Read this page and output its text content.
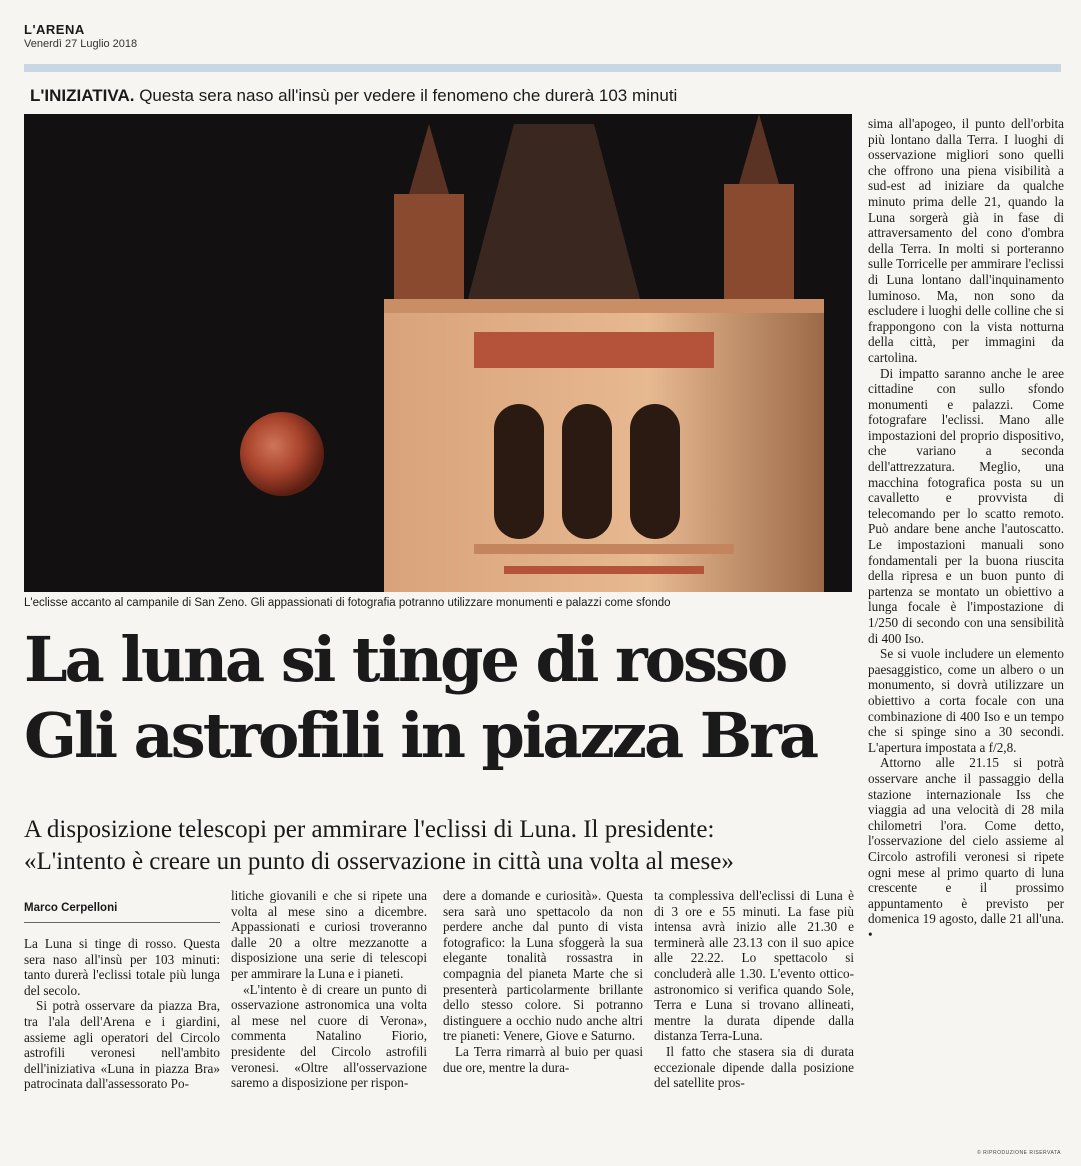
L'ARENA
Venerdì 27 Luglio 2018
L'INIZIATIVA. Questa sera naso all'insù per vedere il fenomeno che durerà 103 minuti
L'eclisse accanto al campanile di San Zeno. Gli appassionati di fotografia potranno utilizzare monumenti e palazzi come sfondo
La luna si tinge di rosso
Gli astrofili in piazza Bra
A disposizione telescopi per ammirare l'eclissi di Luna. Il presidente:
«L'intento è creare un punto di osservazione in città una volta al mese»
Marco Cerpelloni

La Luna si tinge di rosso. Questa sera naso all'insù per 103 minuti: tanto durerà l'eclissi totale più lunga del secolo.

Si potrà osservare da piazza Bra, tra l'ala dell'Arena e i giardini, assieme agli operatori del Circolo astrofili veronesi nell'ambito dell'iniziativa «Luna in piazza Bra» patrocinata dall'assessorato Po-

litiche giovanili e che si ripete una volta al mese sino a dicembre. Appassionati e curiosi troveranno dalle 20 a oltre mezzanotte a disposizione una serie di telescopi per ammirare la Luna e i pianeti.

«L'intento è di creare un punto di osservazione astronomica una volta al mese nel cuore di Verona», commenta Natalino Fiorio, presidente del Circolo astrofili veronesi. «Oltre all'osservazione saremo a disposizione per rispon-

dere a domande e curiosità». Questa sera sarà uno spettacolo da non perdere anche dal punto di vista fotografico: la Luna sfoggerà la sua elegante tonalità rossastra in compagnia del pianeta Marte che si presenterà particolarmente brillante dello stesso colore. Si potranno distinguere a occhio nudo anche altri tre pianeti: Venere, Giove e Saturno.

La Terra rimarrà al buio per quasi due ore, mentre la dura-

ta complessiva dell'eclissi di Luna è di 3 ore e 55 minuti. La fase più intensa avrà inizio alle 21.30 e terminerà alle 23.13 con il suo apice alle 22.22. Lo spettacolo si concluderà alle 1.30. L'evento ottico-astronomico si verifica quando Sole, Terra e Luna si trovano allineati, mentre la durata dipende dalla distanza Terra-Luna.

Il fatto che stasera sia di durata eccezionale dipende dalla posizione del satellite pros-

sima all'apogeo, il punto dell'orbita più lontano dalla Terra. I luoghi di osservazione migliori sono quelli che offrono una piena visibilità a sud-est ad iniziare da qualche minuto prima delle 21, quando la Luna sorgerà già in fase di attraversamento del cono d'ombra della Terra. In molti si porteranno sulle Torricelle per ammirare l'eclissi di Luna lontano dall'inquinamento luminoso. Ma, non sono da escludere i luoghi delle colline che si frappongono con la vista notturna della città, per immagini da cartolina.

Di impatto saranno anche le aree cittadine con sullo sfondo monumenti e palazzi. Come fotografare l'eclissi. Mano alle impostazioni del proprio dispositivo, che variano a seconda dell'attrezzatura. Meglio, una macchina fotografica posta su un cavalletto e provvista di telecomando per lo scatto remoto. Può andare bene anche l'autoscatto. Le impostazioni manuali sono fondamentali per la buona riuscita della ripresa e un buon punto di partenza se montato un obiettivo a lunga focale è l'impostazione di 1/250 di secondo con una sensibilità di 400 Iso.

Se si vuole includere un elemento paesaggistico, come un albero o un monumento, si dovrà utilizzare un obiettivo a corta focale con una combinazione di 400 Iso e un tempo che si spinge sino a 30 secondi. L'apertura impostata a f/2,8.

Attorno alle 21.15 si potrà osservare anche il passaggio della stazione internazionale Iss che viaggia ad una velocità di 28 mila chilometri l'ora. Come detto, l'osservazione del cielo assieme al Circolo astrofili veronesi si ripete ogni mese al primo quarto di luna crescente e il prossimo appuntamento è previsto per domenica 19 agosto, dalle 21 all'una. •

© RIPRODUZIONE RISERVATA
